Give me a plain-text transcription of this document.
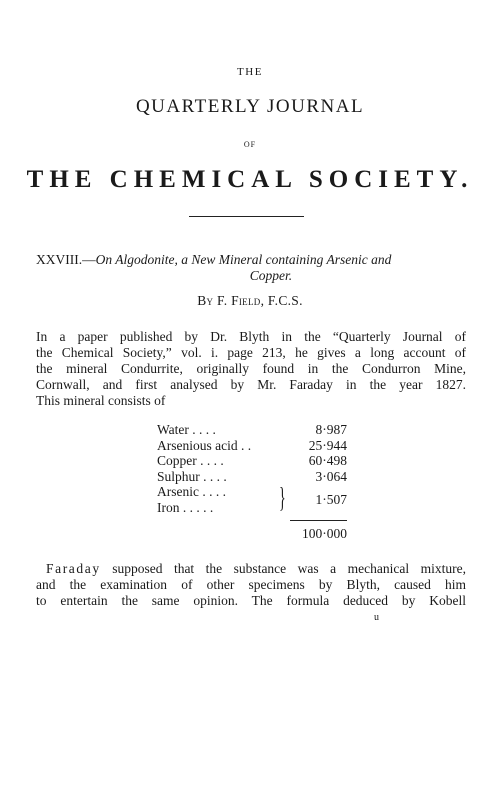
THE
QUARTERLY JOURNAL
OF
THE CHEMICAL SOCIETY.
XXVIII.—On Algodonite, a New Mineral containing Arsenic and
Copper.
By F. Field, F.C.S.
In a paper published by Dr. Blyth in the “Quarterly Journal of
the Chemical Society,” vol. i. page 213, he gives a long account of
the mineral Condurrite, originally found in the Condurron Mine,
Cornwall, and first analysed by Mr. Faraday in the year 1827.
This mineral consists of
Water . . . .	8·987
Arsenious acid . .	25·944
Copper . . . .	60·498
Sulphur . . . .	3·064
Arsenic . . . . } 1·507
Iron . . . . .
100·000
Faraday supposed that the substance was a mechanical mixture,
and the examination of other specimens by Blyth, caused him
to entertain the same opinion. The formula deduced by Kobell
u
